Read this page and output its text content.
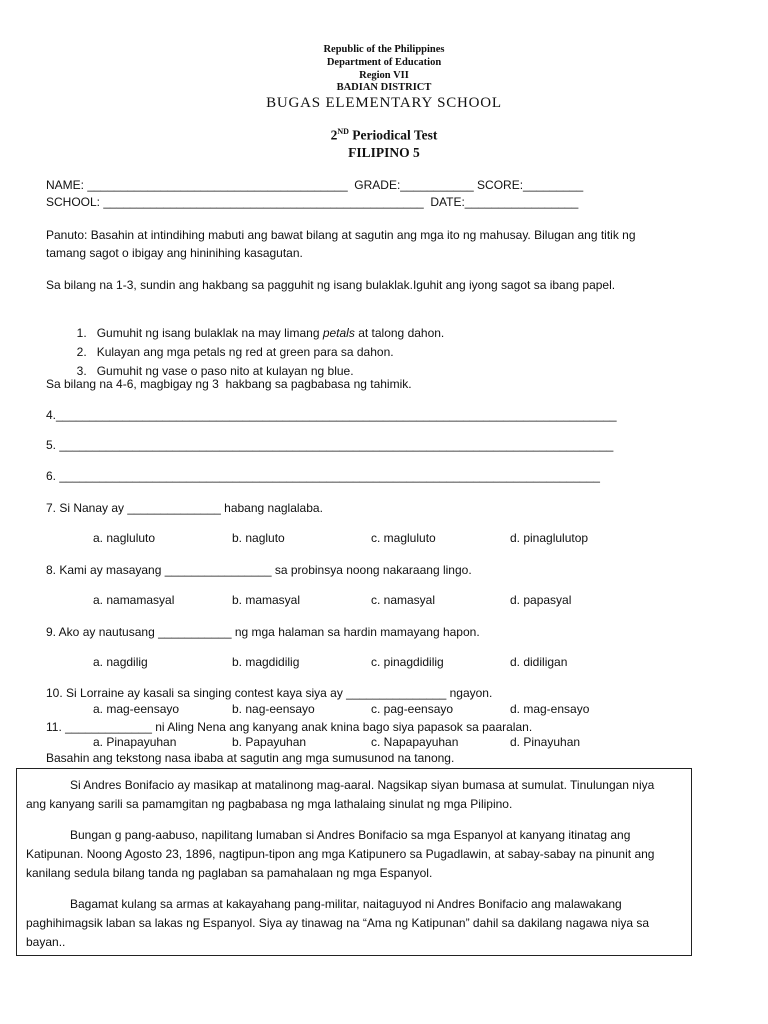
Republic of the Philippines
Department of Education
Region VII
BADIAN DISTRICT
BUGAS ELEMENTARY SCHOOL
2ND Periodical Test
FILIPINO 5
NAME: _______________________________________  GRADE:___________ SCORE:_________
SCHOOL: ________________________________________________  DATE:_________________
Panuto: Basahin at intindihing mabuti ang bawat bilang at sagutin ang mga ito ng mahusay. Bilugan ang titik ng
tamang sagot o ibigay ang hininihing kasagutan.
Sa bilang na 1-3, sundin ang hakbang sa pagguhit ng isang bulaklak.Iguhit ang iyong sagot sa ibang papel.

1. Gumuhit ng isang bulaklak na may limang petals at talong dahon.

2. Kulayan ang mga petals ng red at green para sa dahon.

3. Gumuhit ng vase o paso nito at kulayan ng blue.

Sa bilang na 4-6, magbigay ng 3  hakbang sa pagbabasa ng tahimik.
4.____________________________________________________________________________________
5. ___________________________________________________________________________________
6. _________________________________________________________________________________
7. Si Nanay ay ______________ habang naglalaba.
a. nagluluto	b. nagluto	c. magluluto	d. pinaglulutop
8. Kami ay masayang ________________ sa probinsya noong nakaraang lingo.
a. namamasyal	b. mamasyal	c. namasyal	d. papasyal
9. Ako ay nautusang ___________ ng mga halaman sa hardin mamayang hapon.
a. nagdilig	b. magdidilig	c. pinagdidilig	d. didiligan
10. Si Lorraine ay kasali sa singing contest kaya siya ay _______________ ngayon.
a. mag-eensayo	b. nag-eensayo	c. pag-eensayo	d. mag-ensayo
11. _____________ ni Aling Nena ang kanyang anak knina bago siya papasok sa paaralan.
a. Pinapayuhan	b. Papayuhan	c. Napapayuhan	d. Pinayuhan
Basahin ang tekstong nasa ibaba at sagutin ang mga sumusunod na tanong.

Si Andres Bonifacio ay masikap at matalinong mag-aaral. Nagsikap siyan bumasa at sumulat. Tinulungan niya ang kanyang sarili sa pamamgitan ng pagbabasa ng mga lathalaing sinulat ng mga Pilipino.

Bungan g pang-aabuso, napilitang lumaban si Andres Bonifacio sa mga Espanyol at kanyang itinatag ang Katipunan. Noong Agosto 23, 1896, nagtipun-tipon ang mga Katipunero sa Pugadlawin, at sabay-sabay na pinunit ang kanilang sedula bilang tanda ng paglaban sa pamahalaan ng mga Espanyol.

Bagamat kulang sa armas at kakayahang pang-militar, naitaguyod ni Andres Bonifacio ang malawakang paghihimagsik laban sa lakas ng Espanyol. Siya ay tinawag na “Ama ng Katipunan” dahil sa dakilang nagawa niya sa bayan..
